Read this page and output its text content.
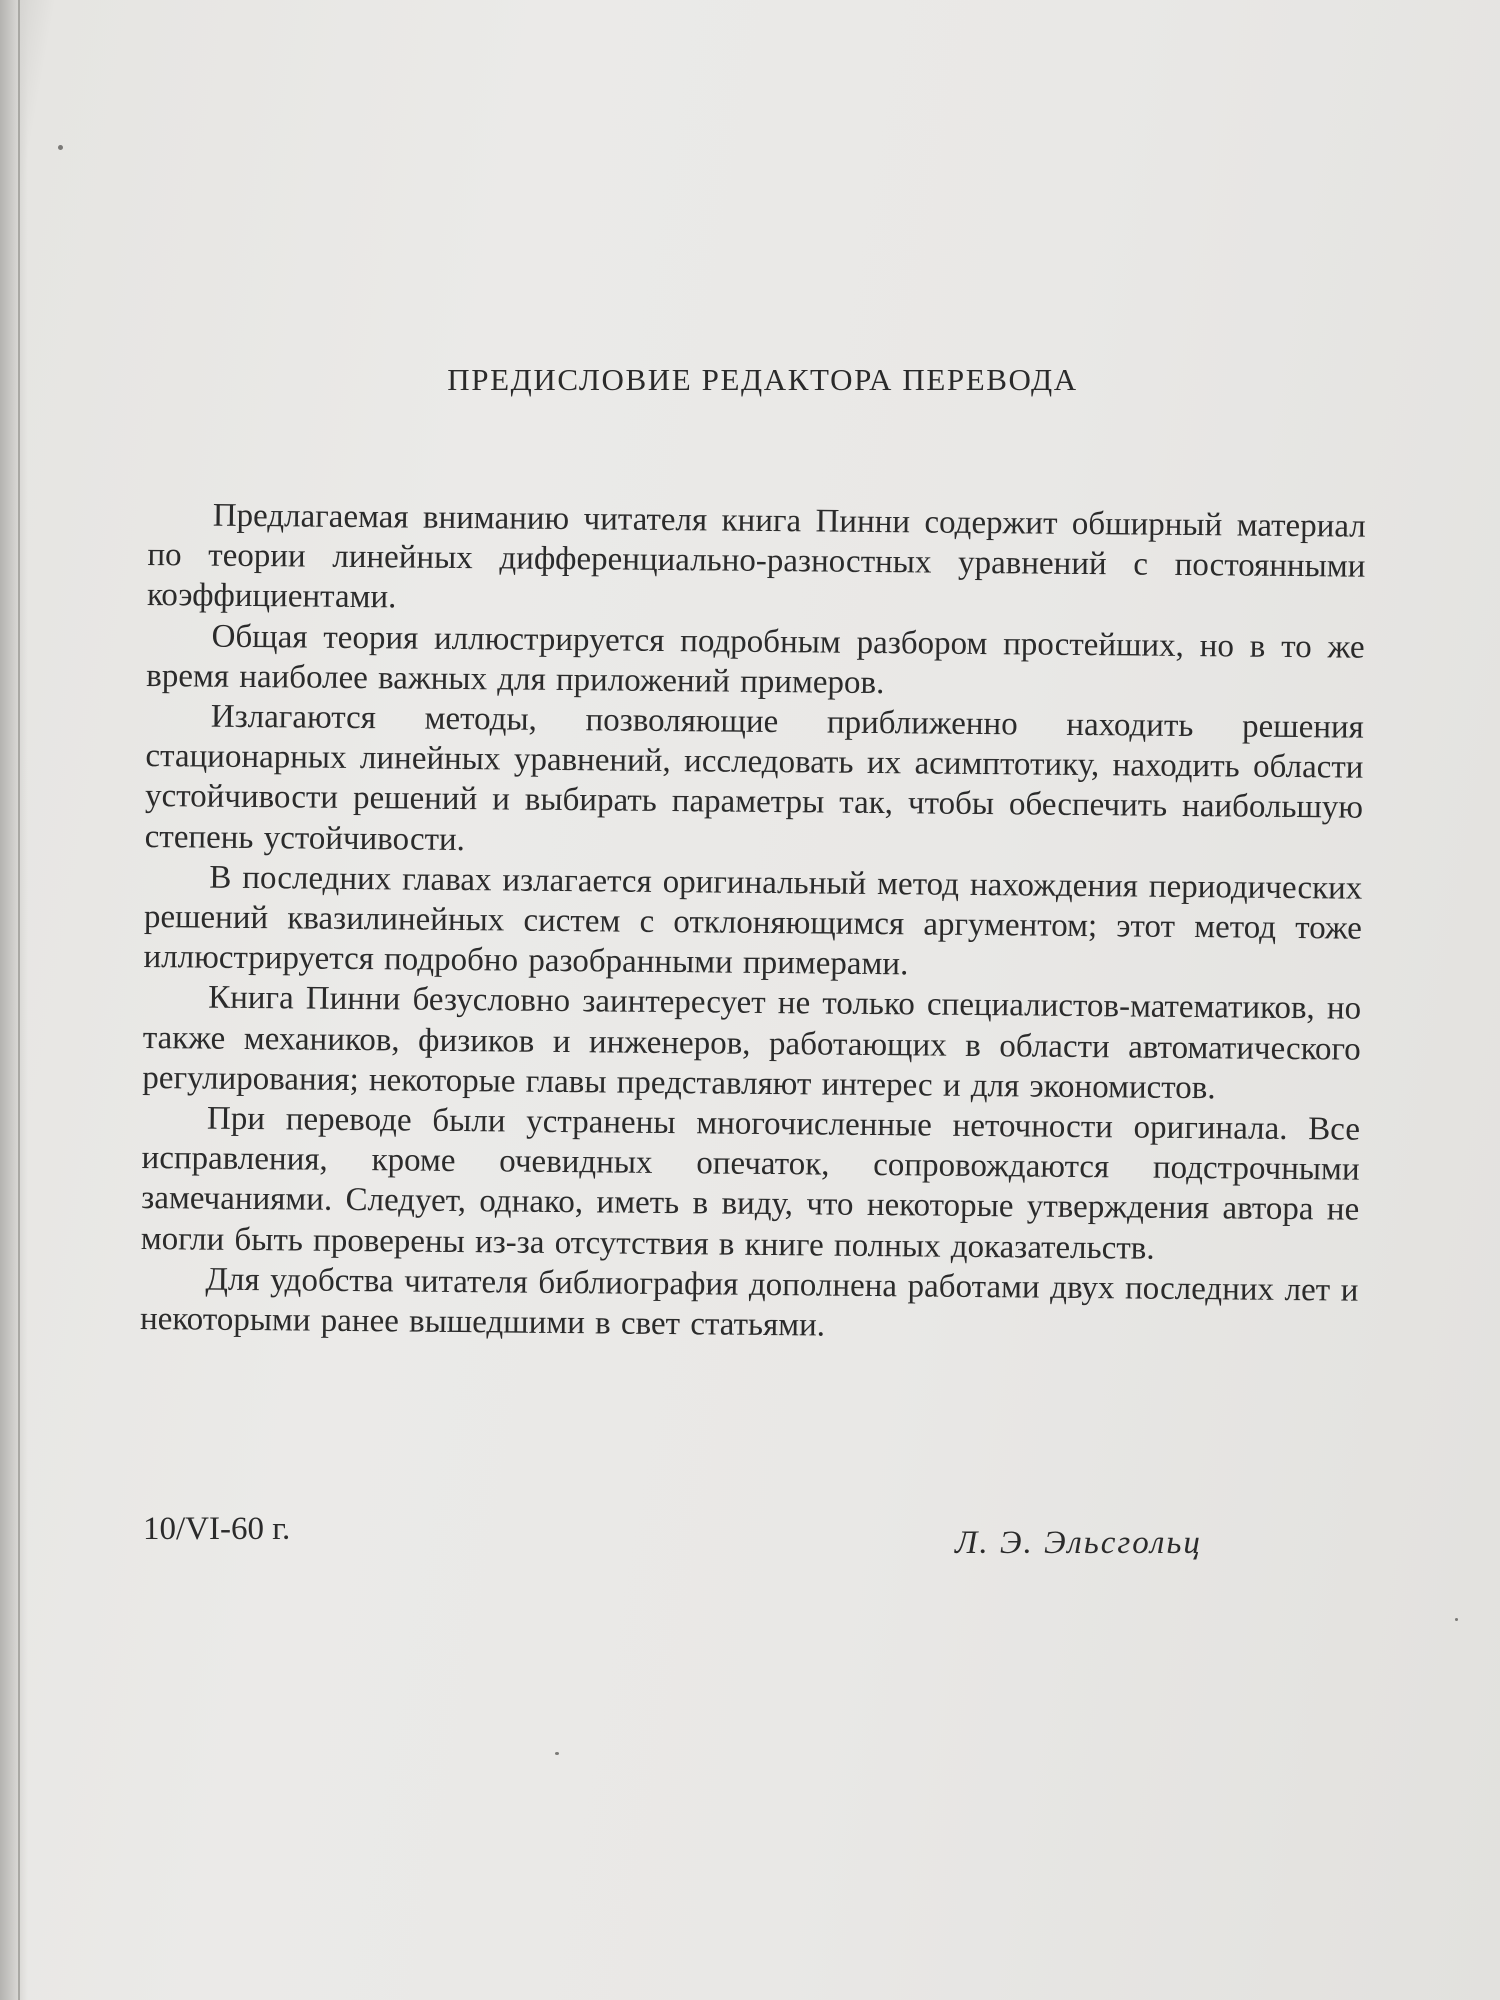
ПРЕДИСЛОВИЕ РЕДАКТОРА ПЕРЕВОДА

Предлагаемая вниманию читателя книга Пинни содержит обширный материал по теории линейных дифференциально-разностных уравнений с постоянными коэффициентами.

Общая теория иллюстрируется подробным разбором простейших, но в то же время наиболее важных для приложений примеров.

Излагаются методы, позволяющие приближенно находить решения стационарных линейных уравнений, исследовать их асимптотику, находить области устойчивости решений и выбирать параметры так, чтобы обеспечить наибольшую степень устойчивости.

В последних главах излагается оригинальный метод нахождения периодических решений квазилинейных систем с отклоняющимся аргументом; этот метод тоже иллюстрируется подробно разобранными примерами.

Книга Пинни безусловно заинтересует не только специалистов-математиков, но также механиков, физиков и инженеров, работающих в области автоматического регулирования; некоторые главы представляют интерес и для экономистов.

При переводе были устранены многочисленные неточности оригинала. Все исправления, кроме очевидных опечаток, сопровождаются подстрочными замечаниями. Следует, однако, иметь в виду, что некоторые утверждения автора не могли быть проверены из-за отсутствия в книге полных доказательств.

Для удобства читателя библиография дополнена работами двух последних лет и некоторыми ранее вышедшими в свет статьями.

10/VI-60 г.	Л. Э. Эльсгольц
